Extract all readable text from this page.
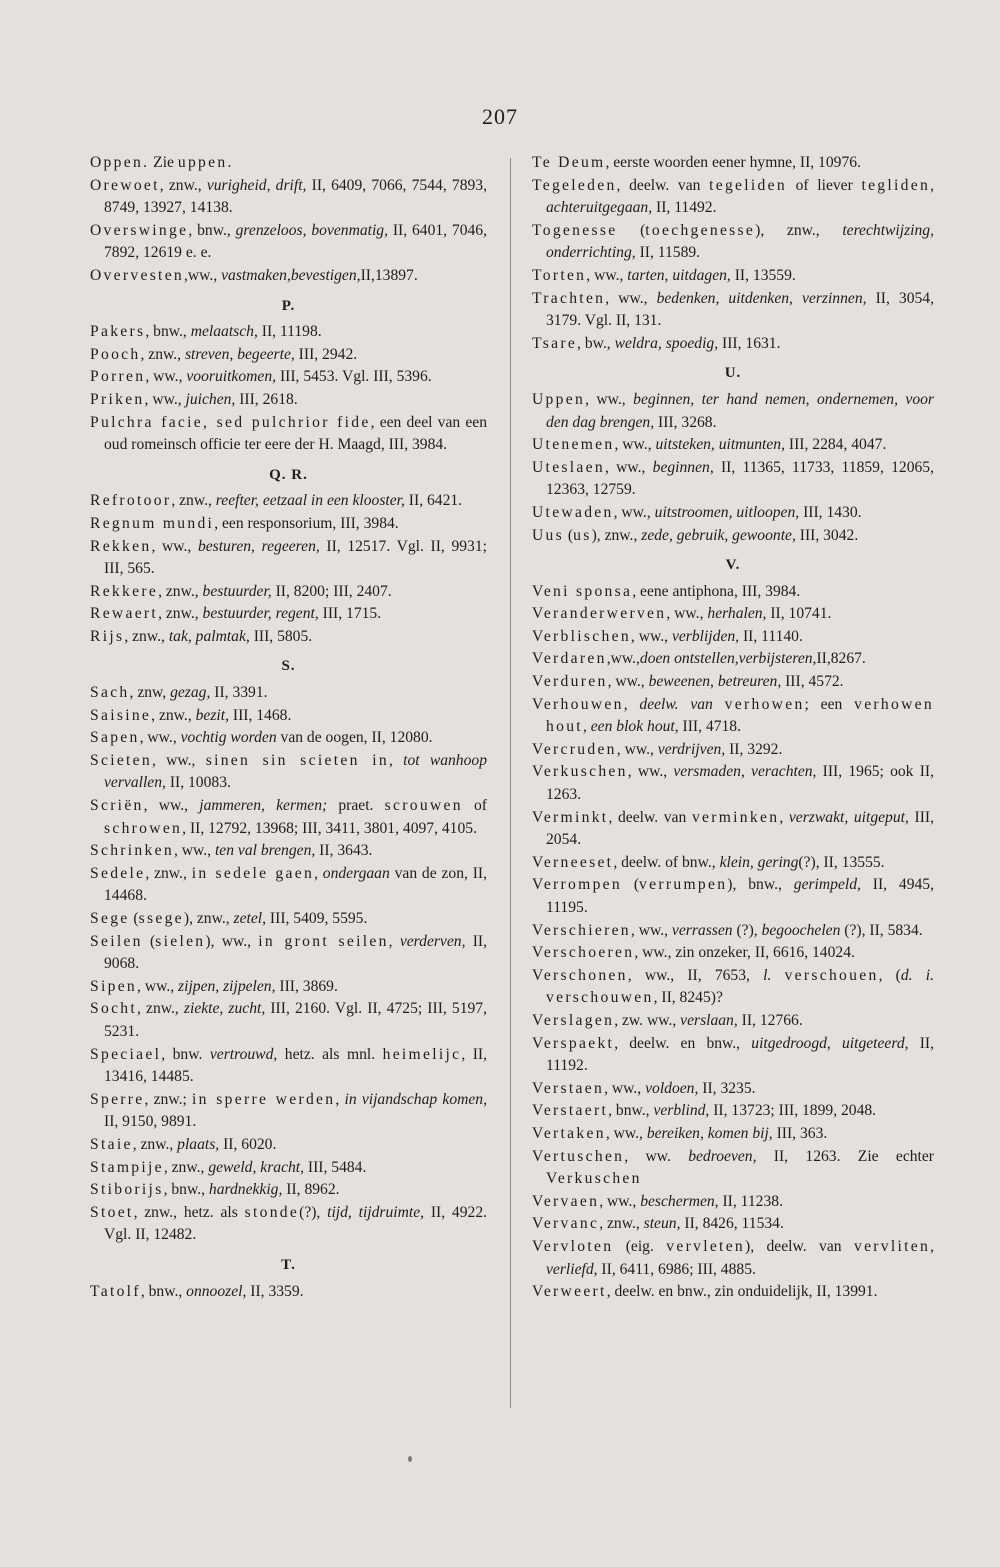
207
Oppen. Zie uppen.
Orewoet, znw., vurigheid, drift, II, 6409, 7066, 7544, 7893, 8749, 13927, 14138.
Overswinge, bnw., grenzeloos, bovenmatig, II, 6401, 7046, 7892, 12619 e. e.
Overvesten,ww., vastmaken,bevestigen,II,13897.
P.
Pakers, bnw., melaatsch, II, 11198.
Pooch, znw., streven, begeerte, III, 2942.
Porren, ww., vooruitkomen, III, 5453. Vgl. III, 5396.
Priken, ww., juichen, III, 2618.
Pulchra facie, sed pulchrior fide, een deel van een oud romeinsch officie ter eere der H. Maagd, III, 3984.
Q. R.
Refrotoor, znw., reefter, eetzaal in een klooster, II, 6421.
Regnum mundi, een responsorium, III, 3984.
Rekken, ww., besturen, regeeren, II, 12517. Vgl. II, 9931; III, 565.
Rekkere, znw., bestuurder, II, 8200; III, 2407.
Rewaert, znw., bestuurder, regent, III, 1715.
Rijs, znw., tak, palmtak, III, 5805.
S.
Sach, znw, gezag, II, 3391.
Saisine, znw., bezit, III, 1468.
Sapen, ww., vochtig worden van de oogen, II, 12080.
Scieten, ww., sinen sin scieten in, tot wanhoop vervallen, II, 10083.
Scriën, ww., jammeren, kermen; praet. scrouwen of schrowen, II, 12792, 13968; III, 3411, 3801, 4097, 4105.
Schrinken, ww., ten val brengen, II, 3643.
Sedele, znw., in sedele gaen, ondergaan van de zon, II, 14468.
Sege (ssege), znw., zetel, III, 5409, 5595.
Seilen (sielen), ww., in gront seilen, verderven, II, 9068.
Sipen, ww., zijpen, zijpelen, III, 3869.
Socht, znw., ziekte, zucht, III, 2160. Vgl. II, 4725; III, 5197, 5231.
Speciael, bnw. vertrouwd, hetz. als mnl. heimelijc, II, 13416, 14485.
Sperre, znw.; in sperre werden, in vijandschap komen, II, 9150, 9891.
Staie, znw., plaats, II, 6020.
Stampije, znw., geweld, kracht, III, 5484.
Stiborijs, bnw., hardnekkig, II, 8962.
Stoet, znw., hetz. als stonde(?), tijd, tijdruimte, II, 4922. Vgl. II, 12482.
T.
Tatolf, bnw., onnoozel, II, 3359.
Te Deum, eerste woorden eener hymne, II, 10976.
Tegeleden, deelw. van tegeliden of liever tegliden, achteruitgegaan, II, 11492.
Togenesse (toechgenesse), znw., terechtwijzing, onderrichting, II, 11589.
Torten, ww., tarten, uitdagen, II, 13559.
Trachten, ww., bedenken, uitdenken, verzinnen, II, 3054, 3179. Vgl. II, 131.
Tsare, bw., weldra, spoedig, III, 1631.
U.
Uppen, ww., beginnen, ter hand nemen, ondernemen, voor den dag brengen, III, 3268.
Utenemen, ww., uitsteken, uitmunten, III, 2284, 4047.
Uteslaen, ww., beginnen, II, 11365, 11733, 11859, 12065, 12363, 12759.
Utewaden, ww., uitstroomen, uitloopen, III, 1430.
Uus (us), znw., zede, gebruik, gewoonte, III, 3042.
V.
Veni sponsa, eene antiphona, III, 3984.
Veranderwerven, ww., herhalen, II, 10741.
Verblischen, ww., verblijden, II, 11140.
Verdaren,ww.,doen ontstellen,verbijsteren,II,8267.
Verduren, ww., beweenen, betreuren, III, 4572.
Verhouwen, deelw. van verhowen; een verhowen hout, een blok hout, III, 4718.
Vercruden, ww., verdrijven, II, 3292.
Verkuschen, ww., versmaden, verachten, III, 1965; ook II, 1263.
Verminkt, deelw. van verminken, verzwakt, uitgeput, III, 2054.
Verneeset, deelw. of bnw., klein, gering(?), II, 13555.
Verrompen (verrumpen), bnw., gerimpeld, II, 4945, 11195.
Verschieren, ww., verrassen (?), begoochelen (?), II, 5834.
Verschoeren, ww., zin onzeker, II, 6616, 14024.
Verschonen, ww., II, 7653, l. verschouen, (d. i. verschouwen, II, 8245)?
Verslagen, zw. ww., verslaan, II, 12766.
Verspaekt, deelw. en bnw., uitgedroogd, uitgeteerd, II, 11192.
Verstaen, ww., voldoen, II, 3235.
Verstaert, bnw., verblind, II, 13723; III, 1899, 2048.
Vertaken, ww., bereiken, komen bij, III, 363.
Vertuschen, ww. bedroeven, II, 1263. Zie echter Verkuschen
Vervaen, ww., beschermen, II, 11238.
Vervanc, znw., steun, II, 8426, 11534.
Vervloten (eig. vervleten), deelw. van vervliten, verliefd, II, 6411, 6986; III, 4885.
Verweert, deelw. en bnw., zin onduidelijk, II, 13991.
